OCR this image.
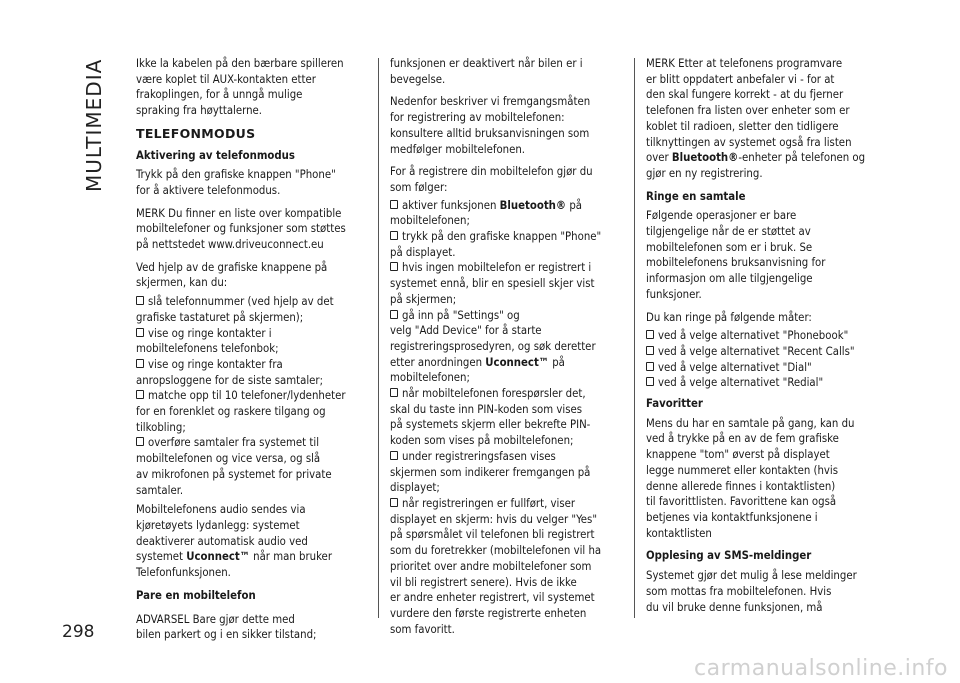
MULTIMEDIA	Ikke la kabelen på den bærbare spilleren
være koplet til AUX-kontakten etter
frakoplingen, for å unngå mulige
spraking fra høyttalerne.

TELEFONMODUS
Aktivering av telefonmodus

Trykk på den grafiske knappen "Phone"
for å aktivere telefonmodus.

MERK Du finner en liste over kompatible
mobiltelefoner og funksjoner som støttes
på nettstedet www.driveuconnect.eu

Ved hjelp av de grafiske knappene på
skjermen, kan du:

slå telefonnummer (ved hjelp av det
grafiske tastaturet på skjermen);
vise og ringe kontakter i
mobiltelefonens telefonbok;
vise og ringe kontakter fra
anropsloggene for de siste samtaler;
matche opp til 10 telefoner/lydenheter
for en forenklet og raskere tilgang og
tilkobling;
overføre samtaler fra systemet til
mobiltelefonen og vice versa, og slå
av mikrofonen på systemet for private
samtaler.

Mobiltelefonens audio sendes via
kjøretøyets lydanlegg: systemet
deaktiverer automatisk audio ved
systemet Uconnect™ når man bruker
Telefonfunksjonen.

Pare en mobiltelefon

ADVARSEL Bare gjør dette med
bilen parkert og i en sikker tilstand;

funksjonen er deaktivert når bilen er i
bevegelse.

Nedenfor beskriver vi fremgangsmåten
for registrering av mobiltelefonen:
konsultere alltid bruksanvisningen som
medfølger mobiltelefonen.

For å registrere din mobiltelefon gjør du
som følger:

aktiver funksjonen Bluetooth® på
mobiltelefonen;
trykk på den grafiske knappen "Phone"
på displayet.
hvis ingen mobiltelefon er registrert i
systemet ennå, blir en spesiell skjer vist
på skjermen;
gå inn på "Settings" og
velg "Add Device" for å starte
registreringsprosedyren, og søk deretter
etter anordningen Uconnect™ på
mobiltelefonen;
når mobiltelefonen forespørsler det,
skal du taste inn PIN-koden som vises
på systemets skjerm eller bekrefte PIN-
koden som vises på mobiltelefonen;
under registreringsfasen vises
skjermen som indikerer fremgangen på
displayet;
når registreringen er fullført, viser
displayet en skjerm: hvis du velger "Yes"
på spørsmålet vil telefonen bli registrert
som du foretrekker (mobiltelefonen vil ha
prioritet over andre mobiltelefoner som
vil bli registrert senere). Hvis de ikke
er andre enheter registrert, vil systemet
vurdere den første registrerte enheten
som favoritt.

MERK Etter at telefonens programvare
er blitt oppdatert anbefaler vi - for at
den skal fungere korrekt - at du fjerner
telefonen fra listen over enheter som er
koblet til radioen, sletter den tidligere
tilknyttingen av systemet også fra listen
over Bluetooth®-enheter på telefonen og
gjør en ny registrering.

Ringe en samtale

Følgende operasjoner er bare
tilgjengelige når de er støttet av
mobiltelefonen som er i bruk. Se
mobiltelefonens bruksanvisning for
informasjon om alle tilgjengelige
funksjoner.

Du kan ringe på følgende måter:

ved å velge alternativet "Phonebook"
ved å velge alternativet "Recent Calls"
ved å velge alternativet "Dial"
ved å velge alternativet "Redial"
Favoritter

Mens du har en samtale på gang, kan du
ved å trykke på en av de fem grafiske
knappene "tom" øverst på displayet
legge nummeret eller kontakten (hvis
denne allerede finnes i kontaktlisten)
til favorittlisten. Favorittene kan også
betjenes via kontaktfunksjonene i
kontaktlisten

Opplesing av SMS-meldinger

Systemet gjør det mulig å lese meldinger
som mottas fra mobiltelefonen. Hvis
du vil bruke denne funksjonen, må

298
carmanualsonline.info
